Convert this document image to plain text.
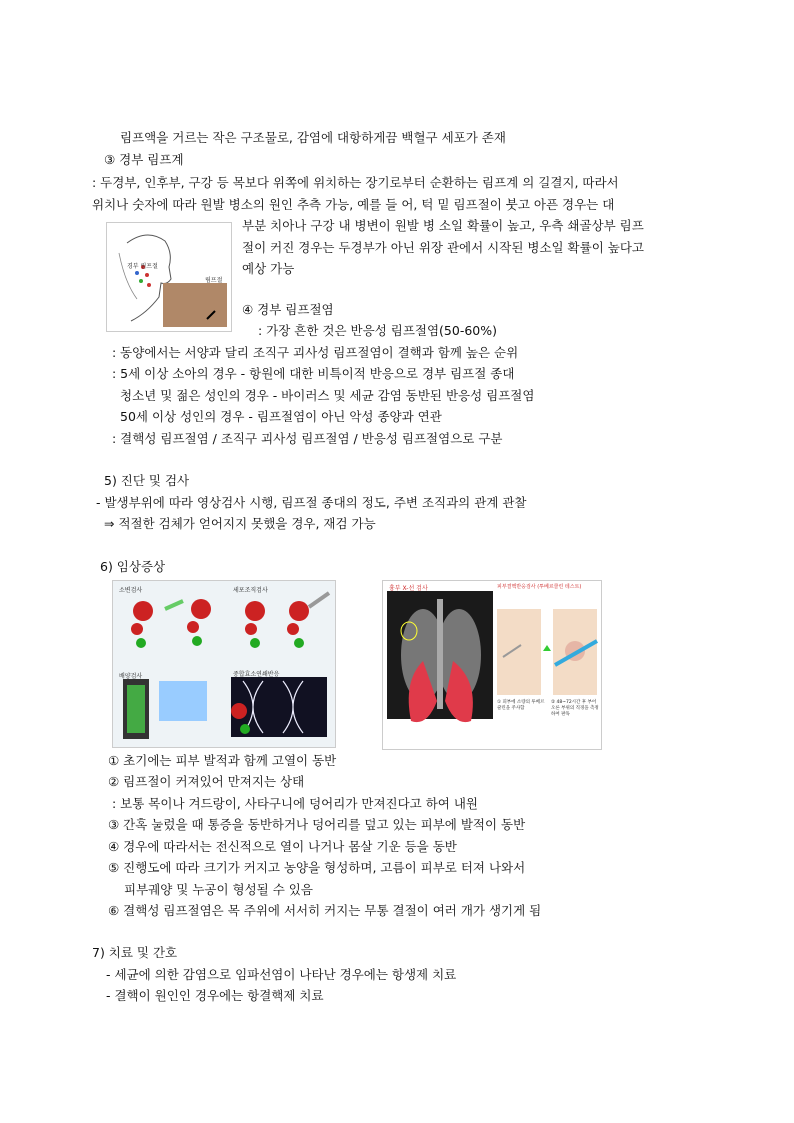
림프액을 거르는 작은 구조물로, 감염에 대항하게끔 백혈구 세포가 존재
③ 경부 림프계
: 두경부, 인후부, 구강 등 목보다 위쪽에 위치하는 장기로부터 순환하는 림프계 의 길결지, 따라서
위치나 숫자에 따라 원발 병소의 원인 추측 가능, 예를 들 어, 턱 밑 림프절이 붓고 아픈 경우는 대
부분 치아나 구강 내 병변이 원발 병 소일 확률이 높고, 우측 쇄골상부 림프
절이 커진 경우는 두경부가 아닌 위장 관에서 시작된 병소일 확률이 높다고
예상 가능
④ 경부 림프절염
: 가장 흔한 것은 반응성 림프절염(50-60%)
: 동양에서는 서양과 달리 조직구 괴사성 림프절염이 결핵과 함께 높은 순위
: 5세 이상 소아의 경우 - 항원에 대한 비특이적 반응으로 경부 림프절 종대
청소년 및 젊은 성인의 경우 - 바이러스 및 세균 감염 동반된 반응성 림프절염
50세 이상 성인의 경우 - 림프절염이 아닌 악성 종양과 연관
: 결핵성 림프절염 / 조직구 괴사성 림프절염 / 반응성 림프절염으로 구분
5) 진단 및 검사
- 발생부위에 따라 영상검사 시행, 림프절 종대의 정도, 주변 조직과의 관계 관찰
⇒ 적절한 검체가 얻어지지 못했을 경우, 재검 가능
6) 임상증상
① 초기에는 피부 발적과 함께 고열이 동반
② 림프절이 커져있어 만져지는 상태
: 보통 목이나 겨드랑이, 사타구니에 덩어리가 만져진다고 하여 내원
③ 간혹 눌렀을 때 통증을 동반하거나 덩어리를 덮고 있는 피부에 발적이 동반
④ 경우에 따라서는 전신적으로 열이 나거나 몸살 기운 등을 동반
⑤ 진행도에 따라 크기가 커지고 농양을 형성하며, 고름이 피부로 터져 나와서
피부궤양 및 누공이 형성될 수 있음
⑥ 결핵성 림프절염은 목 주위에 서서히 커지는 무통 결절이 여러 개가 생기게 됨
7) 치료 및 간호
- 세균에 의한 감염으로 임파선염이 나타난 경우에는 항생제 치료
- 결핵이 원인인 경우에는 항결핵제 치료
경부 림프절
림프절
소변검사	세포조직검사
배양검사	중합효소연쇄반응
흉부 X-선 검사	피부결핵반응검사 (투베르쿨린 테스트)
① 피부에 소량의 투베르쿨린을 주사함
② 48~72시간 후 부어오른 부위의 직경을 측정하여 판독
